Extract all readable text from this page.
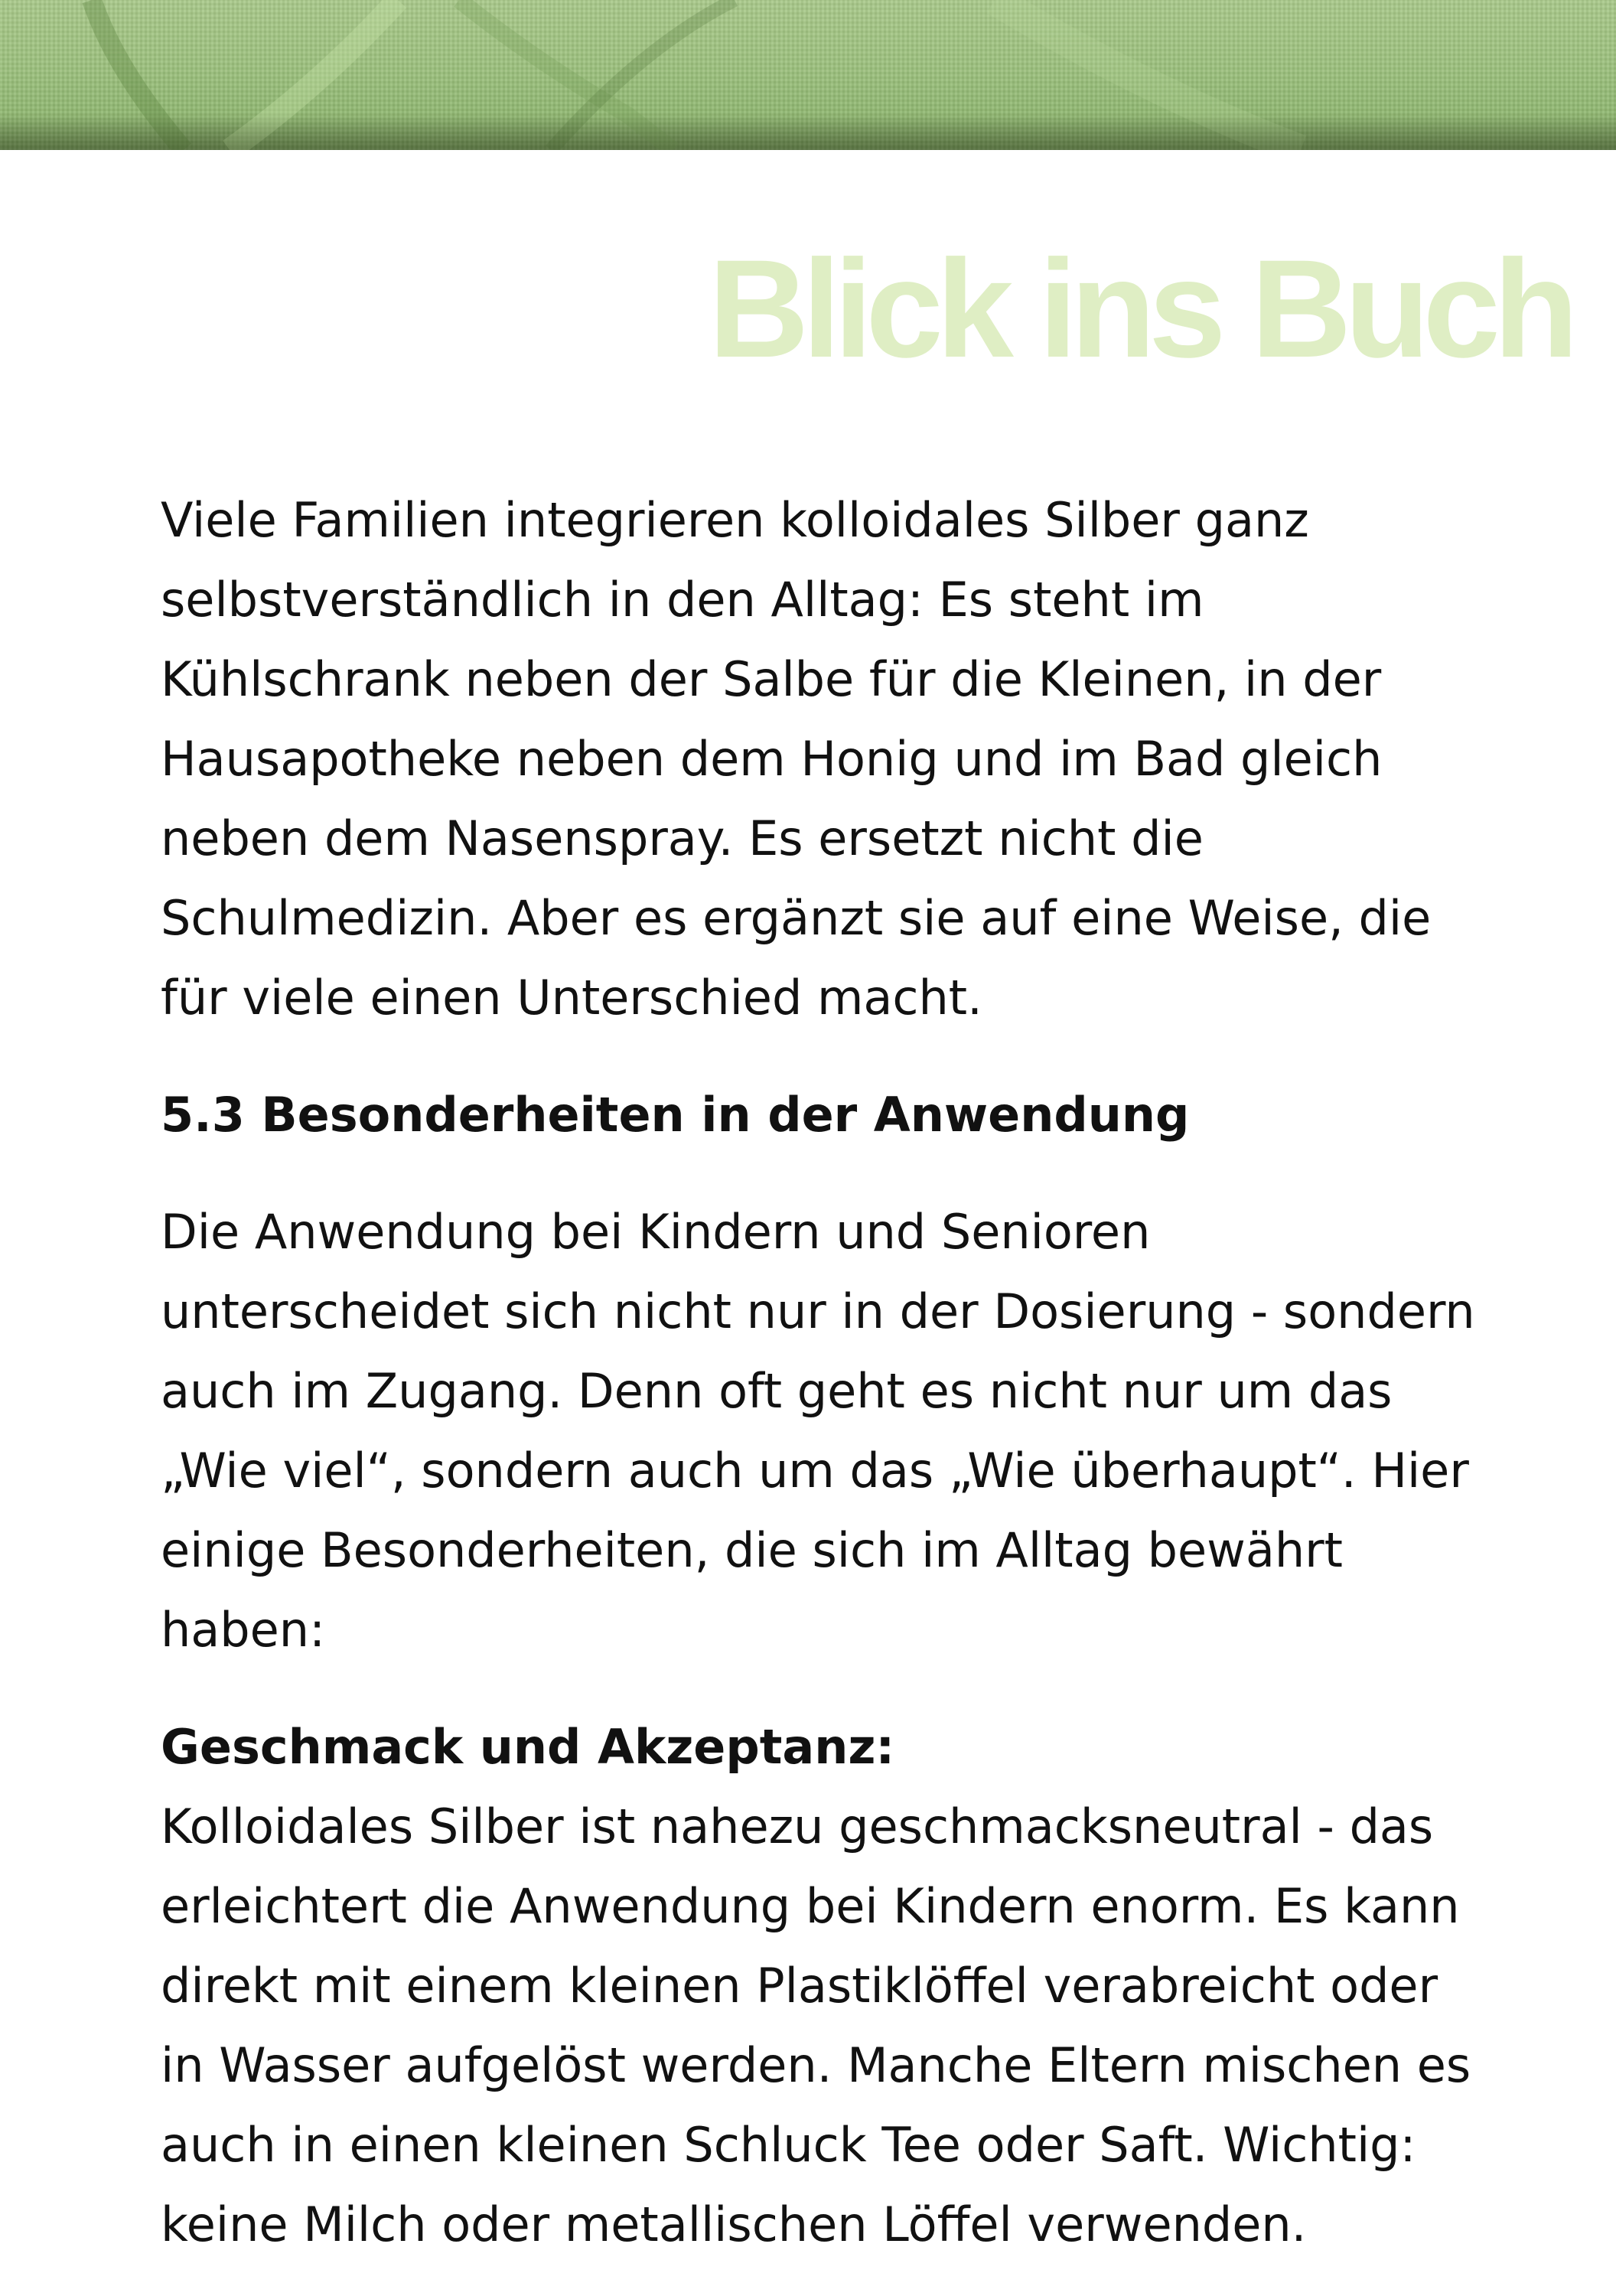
Blick ins Buch

Viele Familien integrieren kolloidales Silber ganz selbstverständlich in den Alltag: Es steht im Kühlschrank neben der Salbe für die Kleinen, in der Hausapotheke neben dem Honig und im Bad gleich neben dem Nasenspray. Es ersetzt nicht die Schulmedizin. Aber es ergänzt sie auf eine Weise, die für viele einen Unterschied macht.

5.3 Besonderheiten in der Anwendung

Die Anwendung bei Kindern und Senioren unterscheidet sich nicht nur in der Dosierung - sondern auch im Zugang. Denn oft geht es nicht nur um das „Wie viel“, sondern auch um das „Wie überhaupt“. Hier einige Besonderheiten, die sich im Alltag bewährt haben:

Geschmack und Akzeptanz:

Kolloidales Silber ist nahezu geschmacksneutral - das erleichtert die Anwendung bei Kindern enorm. Es kann direkt mit einem kleinen Plastiklöffel verabreicht oder in Wasser aufgelöst werden. Manche Eltern mischen es auch in einen kleinen Schluck Tee oder Saft. Wichtig: keine Milch oder metallischen Löffel verwenden.
